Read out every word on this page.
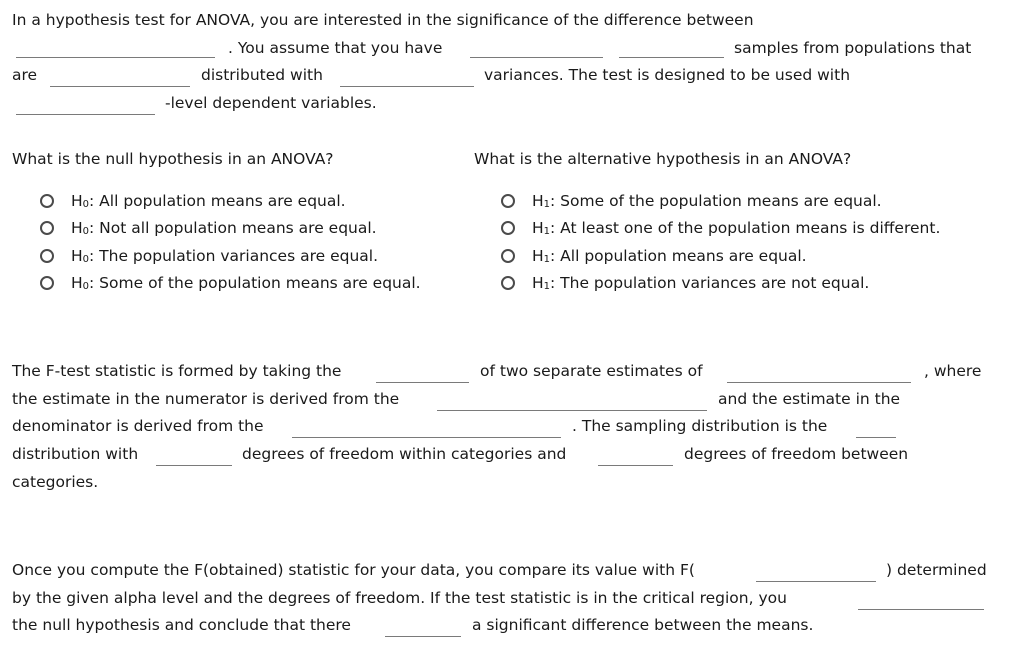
In a hypothesis test for ANOVA, you are interested in the significance of the difference between
. You assume that you have	samples from populations that
are	distributed with	variances. The test is designed to be used with
-level dependent variables.
What is the null hypothesis in an ANOVA?
H 0 : All population means are equal.
H 0 : Not all population means are equal.
H 0 : The population variances are equal.
H 0 : Some of the population means are equal.
What is the alternative hypothesis in an ANOVA?
H 1 : Some of the population means are equal.
H 1 : At least one of the population means is different.
H 1 : All population means are equal.
H 1 : The population variances are not equal.
The F-test statistic is formed by taking the	of two separate estimates of	, where
the estimate in the numerator is derived from the	and the estimate in the
denominator is derived from the	. The sampling distribution is the
distribution with	degrees of freedom within categories and	degrees of freedom between
categories.
Once you compute the F(obtained) statistic for your data, you compare its value with F(	) determined
by the given alpha level and the degrees of freedom. If the test statistic is in the critical region, you
the null hypothesis and conclude that there	a significant difference between the means.
